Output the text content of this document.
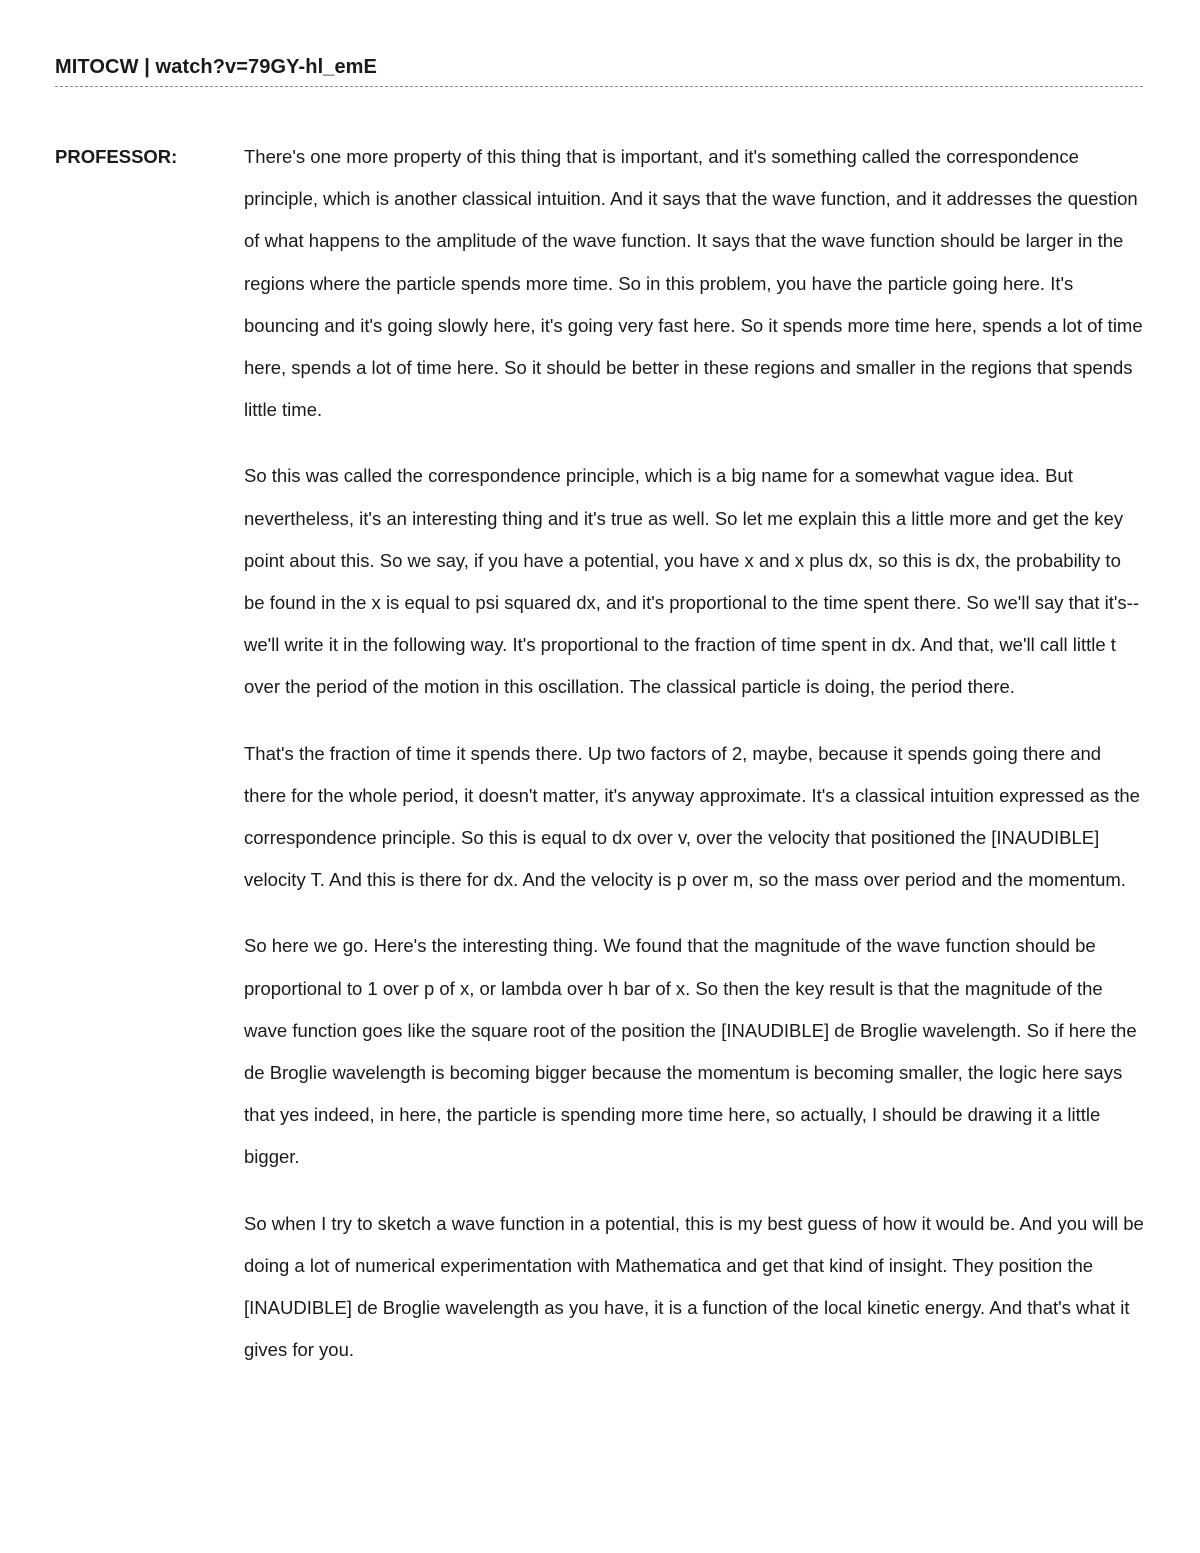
MITOCW | watch?v=79GY-hl_emE
PROFESSOR:	There's one more property of this thing that is important, and it's something called the correspondence principle, which is another classical intuition. And it says that the wave function, and it addresses the question of what happens to the amplitude of the wave function. It says that the wave function should be larger in the regions where the particle spends more time. So in this problem, you have the particle going here. It's bouncing and it's going slowly here, it's going very fast here. So it spends more time here, spends a lot of time here, spends a lot of time here. So it should be better in these regions and smaller in the regions that spends little time.

So this was called the correspondence principle, which is a big name for a somewhat vague idea. But nevertheless, it's an interesting thing and it's true as well. So let me explain this a little more and get the key point about this. So we say, if you have a potential, you have x and x plus dx, so this is dx, the probability to be found in the x is equal to psi squared dx, and it's proportional to the time spent there. So we'll say that it's-- we'll write it in the following way. It's proportional to the fraction of time spent in dx. And that, we'll call little t over the period of the motion in this oscillation. The classical particle is doing, the period there.

That's the fraction of time it spends there. Up two factors of 2, maybe, because it spends going there and there for the whole period, it doesn't matter, it's anyway approximate. It's a classical intuition expressed as the correspondence principle. So this is equal to dx over v, over the velocity that positioned the [INAUDIBLE] velocity T. And this is there for dx. And the velocity is p over m, so the mass over period and the momentum.

So here we go. Here's the interesting thing. We found that the magnitude of the wave function should be proportional to 1 over p of x, or lambda over h bar of x. So then the key result is that the magnitude of the wave function goes like the square root of the position the [INAUDIBLE] de Broglie wavelength. So if here the de Broglie wavelength is becoming bigger because the momentum is becoming smaller, the logic here says that yes indeed, in here, the particle is spending more time here, so actually, I should be drawing it a little bigger.

So when I try to sketch a wave function in a potential, this is my best guess of how it would be. And you will be doing a lot of numerical experimentation with Mathematica and get that kind of insight. They position the [INAUDIBLE] de Broglie wavelength as you have, it is a function of the local kinetic energy. And that's what it gives for you.
